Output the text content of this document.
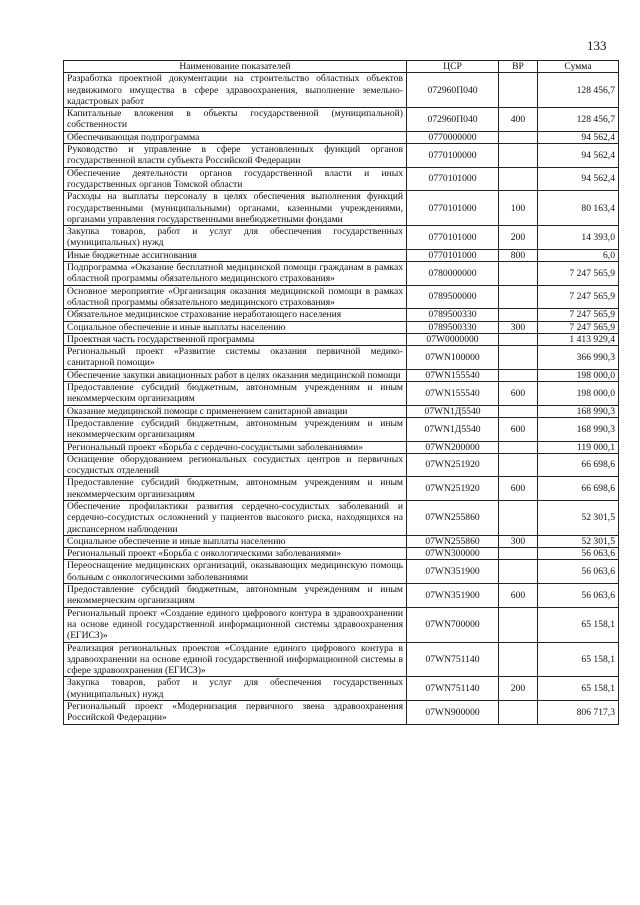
133
Наименование показателей	ЦСР	ВР	Сумма
Разработка проектной документации на строительство областных объектов недвижимого имущества в сфере здравоохранения, выполнение земельно-кадастровых работ	072960П040		128 456,7
Капитальные вложения в объекты государственной (муниципальной) собственности	072960П040	400	128 456,7
Обеспечивающая подпрограмма	0770000000		94 562,4
Руководство и управление в сфере установленных функций органов государственной власти субъекта Российской Федерации	0770100000		94 562,4
Обеспечение деятельности органов государственной власти и иных государственных органов Томской области	0770101000		94 562,4
Расходы на выплаты персоналу в целях обеспечения выполнения функций государственными (муниципальными) органами, казенными учреждениями, органами управления государственными внебюджетными фондами	0770101000	100	80 163,4
Закупка товаров, работ и услуг для обеспечения государственных (муниципальных) нужд	0770101000	200	14 393,0
Иные бюджетные ассигнования	0770101000	800	6,0
Подпрограмма «Оказание бесплатной медицинской помощи гражданам в рамках областной программы обязательного медицинского страхования»	0780000000		7 247 565,9
Основное мероприятие «Организация оказания медицинской помощи в рамках областной программы обязательного медицинского страхования»	0789500000		7 247 565,9
Обязательное медицинское страхование неработающего населения	0789500330		7 247 565,9
Социальное обеспечение и иные выплаты населению	0789500330	300	7 247 565,9
Проектная часть государственной программы	07W0000000		1 413 929,4
Региональный проект «Развитие системы оказания первичной медико-санитарной помощи»	07WN100000		366 990,3
Обеспечение закупки авиационных работ в целях оказания медицинской помощи	07WN155540		198 000,0
Предоставление субсидий бюджетным, автономным учреждениям и иным некоммерческим организациям	07WN155540	600	198 000,0
Оказание медицинской помощи с применением санитарной авиации	07WN1Д5540		168 990,3
Предоставление субсидий бюджетным, автономным учреждениям и иным некоммерческим организациям	07WN1Д5540	600	168 990,3
Региональный проект «Борьба с сердечно-сосудистыми заболеваниями»	07WN200000		119 000,1
Оснащение оборудованием региональных сосудистых центров и первичных сосудистых отделений	07WN251920		66 698,6
Предоставление субсидий бюджетным, автономным учреждениям и иным некоммерческим организациям	07WN251920	600	66 698,6
Обеспечение профилактики развития сердечно-сосудистых заболеваний и сердечно-сосудистых осложнений у пациентов высокого риска, находящихся на диспансерном наблюдении	07WN255860		52 301,5
Социальное обеспечение и иные выплаты населению	07WN255860	300	52 301,5
Региональный проект «Борьба с онкологическими заболеваниями»	07WN300000		56 063,6
Переоснащение медицинских организаций, оказывающих медицинскую помощь больным с онкологическими заболеваниями	07WN351900		56 063,6
Предоставление субсидий бюджетным, автономным учреждениям и иным некоммерческим организациям	07WN351900	600	56 063,6
Региональный проект «Создание единого цифрового контура в здравоохранении на основе единой государственной информационной системы здравоохранения (ЕГИСЗ)»	07WN700000		65 158,1
Реализация региональных проектов «Создание единого цифрового контура в здравоохранении на основе единой государственной информационной системы в сфере здравоохранения (ЕГИСЗ)»	07WN751140		65 158,1
Закупка товаров, работ и услуг для обеспечения государственных (муниципальных) нужд	07WN751140	200	65 158,1
Региональный проект «Модернизация первичного звена здравоохранения Российской Федерации»	07WN900000		806 717,3
